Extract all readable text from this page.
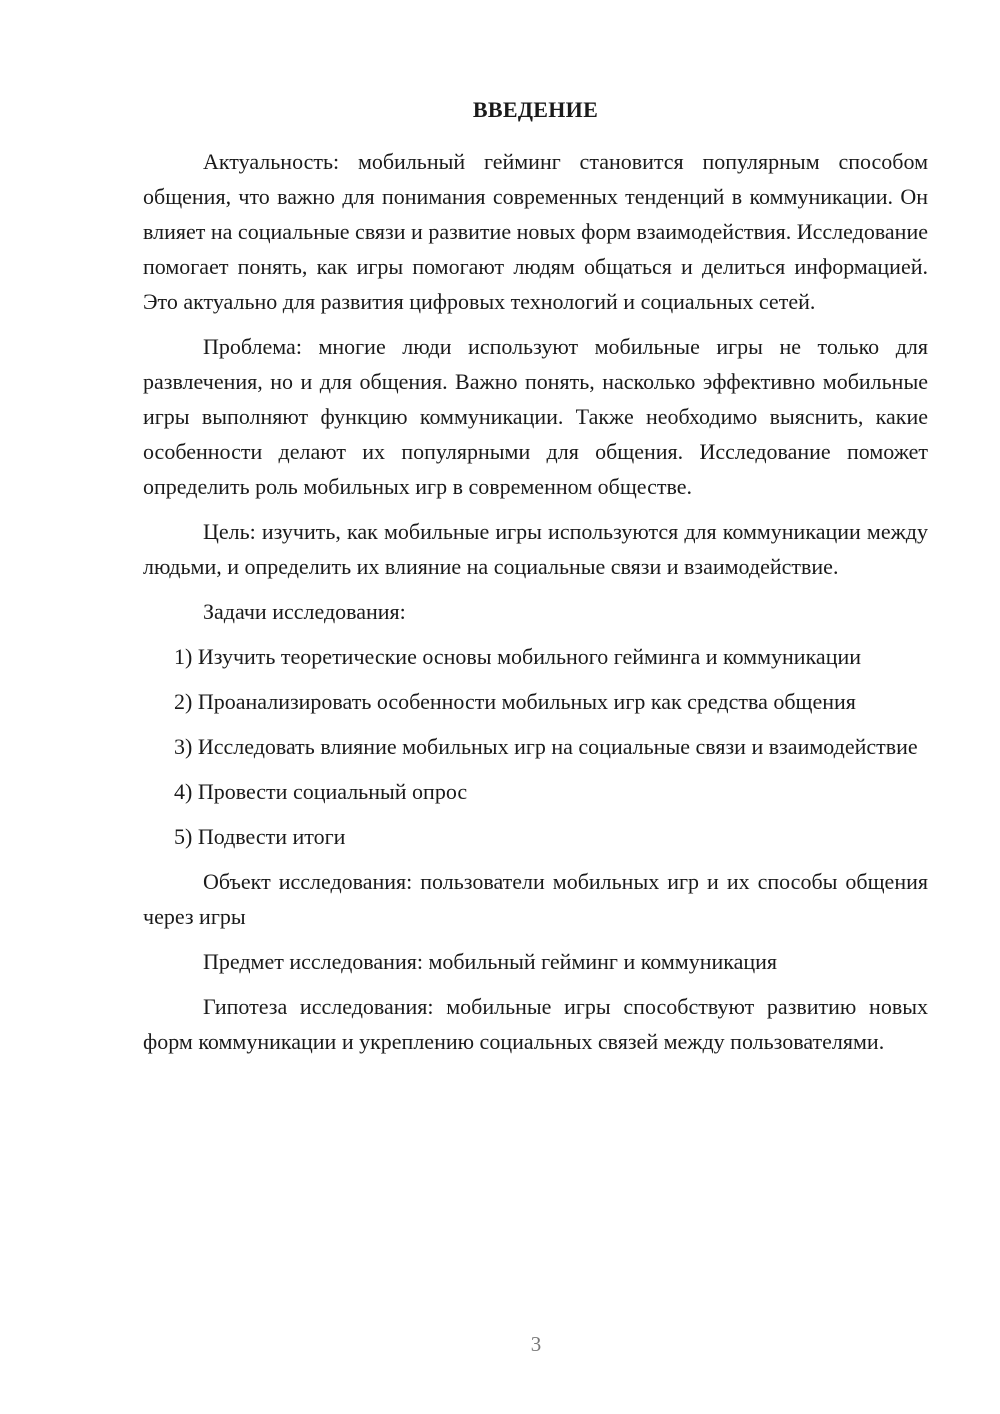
ВВЕДЕНИЕ

Актуальность: мобильный гейминг становится популярным способом общения, что важно для понимания современных тенденций в коммуникации. Он влияет на социальные связи и развитие новых форм взаимодействия. Исследование помогает понять, как игры помогают людям общаться и делиться информацией. Это актуально для развития цифровых технологий и социальных сетей.

Проблема: многие люди используют мобильные игры не только для развлечения, но и для общения. Важно понять, насколько эффективно мобильные игры выполняют функцию коммуникации. Также необходимо выяснить, какие особенности делают их популярными для общения. Исследование поможет определить роль мобильных игр в современном обществе.

Цель: изучить, как мобильные игры используются для коммуникации между людьми, и определить их влияние на социальные связи и взаимодействие.

Задачи исследования:

1) Изучить теоретические основы мобильного гейминга и коммуникации

2) Проанализировать особенности мобильных игр как средства общения

3) Исследовать влияние мобильных игр на социальные связи и взаимодействие

4) Провести социальный опрос

5) Подвести итоги

Объект исследования: пользователи мобильных игр и их способы общения через игры

Предмет исследования: мобильный гейминг и коммуникация

Гипотеза исследования: мобильные игры способствуют развитию новых форм коммуникации и укреплению социальных связей между пользователями.

3
